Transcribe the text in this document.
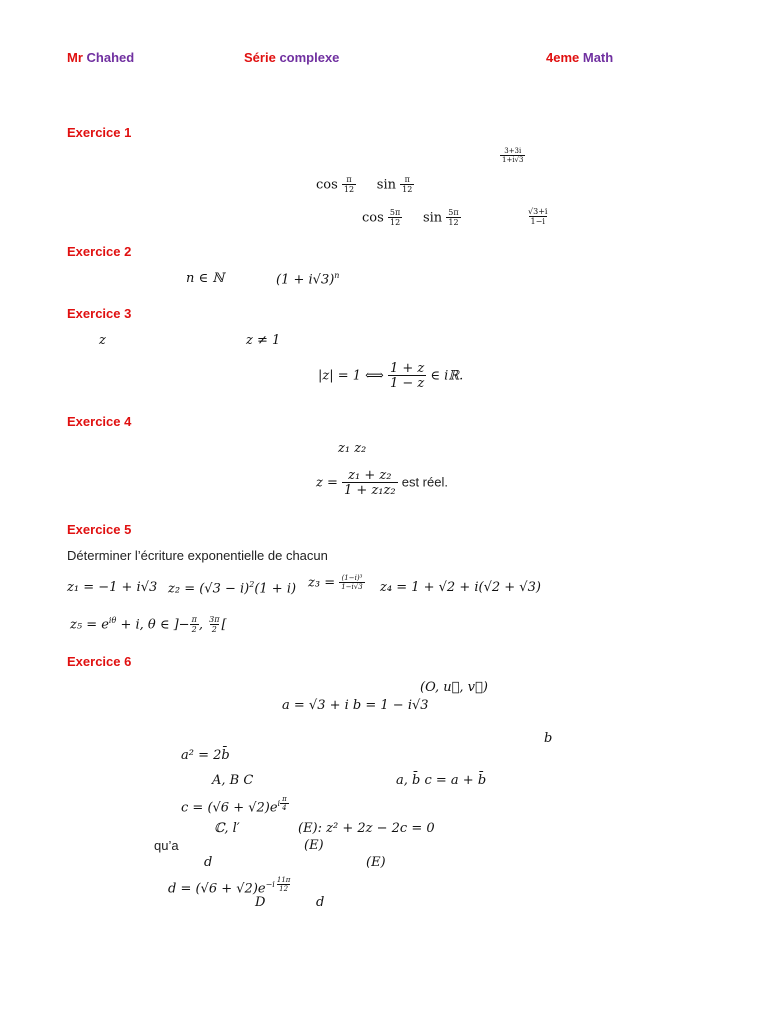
Mr Chahed	Série complexe	4eme Math
Exercice 1
$\frac{3+3i}{1+i√3}$
$\cos \frac{\pi}{12}$ $\sin \frac{\pi}{12}$
$\cos \frac{5\pi}{12}$ $\sin \frac{5\pi}{12}$	$\frac{√3+i}{1-i}$
Exercice 2
n ∈ ℕ	$(1 + i√3)^n$
Exercice 3
z	z ≠ 1
|z| = 1 ⟺ $\frac{1 + z}{1 - z}$ ∈ iℝ.
Exercice 4
z₁ z₂
$z = \frac{\text{z₁ + z₂}}{\text{1 + z₁z₂}}$ est réel.
Exercice 5
Déterminer l’écriture exponentielle de chacun
z₁ = −1 + i√3 $z_2 = (√3 - i)^2(1 + i)$ $z_3 = \frac{\text{(1−i)³}}{1-i√3} z_4 = 1 + √2 + i(√2 + √3)$
$z_5 = e^{i\theta} + i$, θ ∈ ]− $\frac{\pi}{2}$ , $\frac{3\pi}{2}$ [
Exercice 6
(O, u⃗, v⃗)
a = √3 + i b = 1 − i√3
b
a² = 2b̄
A, B C	a, b̄ c = a + b̄
$c = (√6 + √2)e^{i \frac{\pi}{4}}$
ℂ, l′	(E): z² + 2z − 2c = 0
qu’a	(E)
d	(E)
$d = (√6 + √2)e^{-i \frac{11\pi}{12}}$
D	d
